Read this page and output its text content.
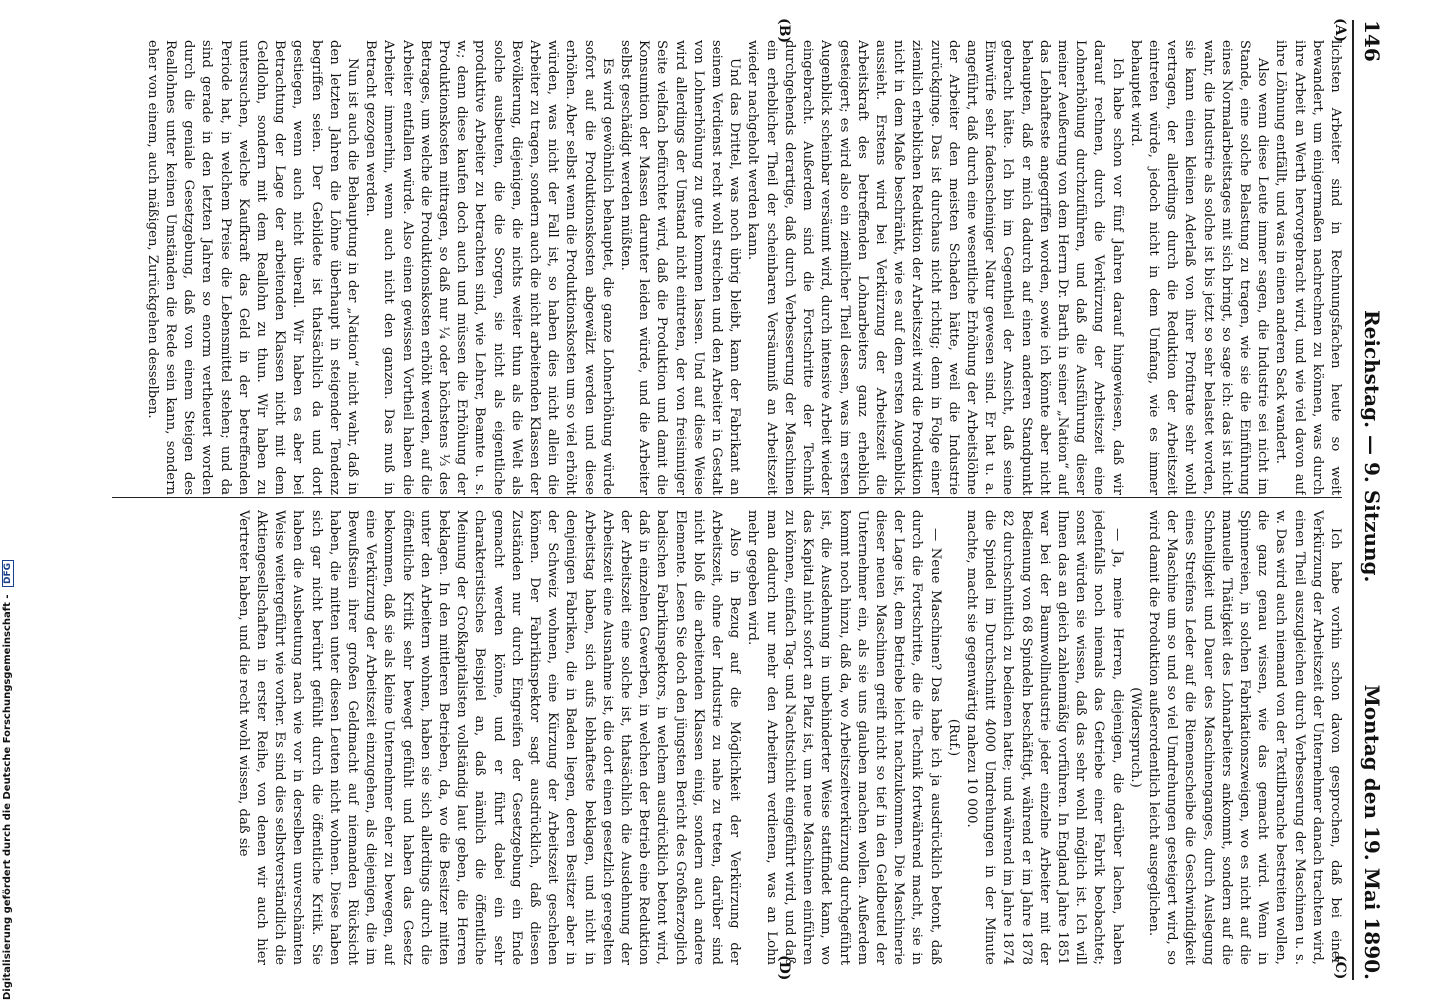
Digitalisierung gefördert durch die Deutsche Forschungsgemeinschaft - DFG
146
Reichstag. — 9. Sitzung.
Montag den 19. Mai 1890.
(A)
(B)
(C)
(D)

lichsten Arbeiter sind in Rechnungsfachen heute so weit bewandert, um einigermaßen nachrechnen zu können, was durch ihre Arbeit an Werth hervorgebracht wird, und wie viel davon auf ihre Löhnung entfällt, und was in einen anderen Sack wandert.

Also wenn diese Leute immer sagen, die Industrie sei nicht im Stande, eine solche Belastung zu tragen, wie sie die Einführung eines Normalarbeitstages mit sich bringt, so sage ich: das ist nicht wahr, die Industrie als solche ist bis jetzt so sehr belastet worden, sie kann einen kleinen Aderlaß von ihrer Profitrate sehr wohl vertragen, der allerdings durch die Reduktion der Arbeitszeit eintreten würde, jedoch nicht in dem Umfang, wie es immer behauptet wird.

Ich habe schon vor fünf Jahren darauf hingewiesen, daß wir darauf rechnen, durch die Verkürzung der Arbeitszeit eine Lohnerhöhung durchzuführen, und daß die Ausführung dieser meiner Aeußerung von dem Herrn Dr. Barth in seiner „Nation“ auf das Lebhafteste angegriffen worden, sowie ich könnte aber nicht behaupten, daß er mich dadurch auf einen anderen Standpunkt gebracht hätte. Ich bin im Gegentheil der Ansicht, daß seine Einwürfe sehr fadenscheiniger Natur gewesen sind. Er hat u. a. angeführt, daß durch eine wesentliche Erhöhung der Arbeitslöhne der Arbeiter den meisten Schaden hätte, weil die Industrie zurückginge. Das ist durchaus nicht richtig; denn in Folge einer ziemlich erheblichen Reduktion der Arbeitszeit wird die Produktion nicht in dem Maße beschränkt, wie es auf dem ersten Augenblick aussieht. Erstens wird bei Verkürzung der Arbeitszeit die Arbeitskraft des betreffenden Lohnarbeiters ganz erheblich gesteigert; es wird also ein ziemlicher Theil dessen, was im ersten Augenblick scheinbar versäumt wird, durch intensive Arbeit wieder eingebracht. Außerdem sind die Fortschritte der Technik durchgehends derartige, daß durch Verbesserung der Maschinen ein erheblicher Theil der scheinbaren Versäumniß an Arbeitszeit wieder nachgeholt werden kann.

Und das Drittel, was noch übrig bleibt, kann der Fabrikant an seinem Verdienst recht wohl streichen und den Arbeiter in Gestalt von Lohnerhöhung zu gute kommen lassen. Und auf diese Weise wird allerdings der Umstand nicht eintreten, der von freisinniger Seite vielfach befürchtet wird, daß die Produktion und damit die Konsumtion der Massen darunter leiden würde, und die Arbeiter selbst geschädigt werden müßten.

Es wird gewöhnlich behauptet, die ganze Lohnerhöhung würde sofort auf die Produktionskosten abgewälzt werden und diese erhöhen. Aber selbst wenn die Produktionskosten um so viel erhöht würden, was nicht der Fall ist, so haben dies nicht allein die Arbeiter zu tragen, sondern auch die nicht arbeitenden Klassen der Bevölkerung, diejenigen, die nichts weiter thun als die Welt als solche ausbeuten, die die Sorgen, sie nicht als eigentliche produktive Arbeiter zu betrachten sind, wie Lehrer, Beamte u. s. w.; denn diese kaufen doch auch und müssen die Erhöhung der Produktionskosten mittragen, so daß nur ¼ oder höchstens ⅓ des Betrages, um welche die Produktionskosten erhöht werden, auf die Arbeiter entfallen würde. Also einen gewissen Vortheil haben die Arbeiter immerhin, wenn auch nicht den ganzen. Das muß in Betracht gezogen werden.

Nun ist auch die Behauptung in der „Nation“ nicht wahr, daß in den letzten Jahren die Löhne überhaupt in steigender Tendenz begriffen seien. Der Gebildete ist thatsächlich da und dort gestiegen, wenn auch nicht überall. Wir haben es aber bei Betrachtung der Lage der arbeitenden Klassen nicht mit dem Geldlohn, sondern mit dem Reallohn zu thun. Wir haben zu untersuchen, welche Kaufkraft das Geld in der betreffenden Periode hat, in welchem Preise die Lebensmittel stehen; und da sind gerade in den letzten Jahren so enorm vertheuert worden durch die geniale Gesetzgebung, daß von einem Steigen des Reallohnes unter keinen Umständen die Rede sein kann, sondern eher von einem, auch mäßigen, Zurückgehen desselben.

Ich habe vorhin schon davon gesprochen, daß bei einer Verkürzung der Arbeitszeit der Unternehmer danach trachten wird, einen Theil auszugleichen durch Verbesserung der Maschinen u. s. w. Das wird auch niemand von der Textilbranche bestreiten wollen, die ganz genau wissen, wie das gemacht wird. Wenn in Spinnereien, in solchen Fabrikationszweigen, wo es nicht auf die manuelle Thätigkeit des Lohnarbeiters ankommt, sondern auf die Schnelligkeit und Dauer des Maschinenganges, durch Auslegung eines Streifens Leder auf die Riemenscheibe die Geschwindigkeit der Maschine um so und so viel Umdrehungen gesteigert wird, so wird damit die Produktion außerordentlich leicht ausgeglichen.

(Widerspruch.)

— Ja, meine Herren, diejenigen, die darüber lachen, haben jedenfalls noch niemals das Getriebe einer Fabrik beobachtet; sonst würden sie wissen, daß das sehr wohl möglich ist. Ich will Ihnen das an gleich zahlenmäßig vorführen. In England Jahre 1851 war bei der Baumwollindustrie jeder einzelne Arbeiter mit der Bedienung von 68 Spindeln beschäftigt, während er im Jahre 1878 82 durchschnittlich zu bedienen hatte; und während im Jahre 1874 die Spindel im Durchschnitt 4000 Umdrehungen in der Minute machte, macht sie gegenwärtig nahezu 10 000.

(Ruf.)

— Neue Maschinen? Das habe ich ja ausdrücklich betont, daß durch die Fortschritte, die die Technik fortwährend macht, sie in der Lage ist, dem Betriebe leicht nachzukommen. Die Maschinerie dieser neuen Maschinen greift nicht so tief in den Geldbeutel der Unternehmer ein, als sie uns glauben machen wollen. Außerdem kommt noch hinzu, daß da, wo Arbeitszeitverkürzung durchgeführt ist, die Ausdehnung in unbehinderter Weise stattfindet kann, wo das Kapital nicht sofort an Platz ist, um neue Maschinen einführen zu können, einfach Tag- und Nachtschicht eingeführt wird, und daß man dadurch nur mehr den Arbeitern verdienen, was an Lohn mehr gegeben wird.

Also in Bezug auf die Möglichkeit der Verkürzung der Arbeitszeit, ohne der Industrie zu nahe zu treten, darüber sind nicht bloß die arbeitenden Klassen einig, sondern auch andere Elemente. Lesen Sie doch den jüngsten Bericht des Großherzoglich badischen Fabrikinspektors, in welchem ausdrücklich betont wird, daß in einzelnen Gewerben, in welchen der Betrieb eine Reduktion der Arbeitszeit eine solche ist, thatsächlich die Ausdehnung der Arbeitszeit eine Ausnahme ist, die dort einen gesetzlich geregelten Arbeitstag haben, sich aufs lebhafteste beklagen, und nicht in denjenigen Fabriken, die in Baden liegen, deren Besitzer aber in der Schweiz wohnen, eine Kürzung der Arbeitszeit geschehen können. Der Fabrikinspektor sagt ausdrücklich, daß diesen Zuständen nur durch Eingreifen der Gesetzgebung ein Ende gemacht werden könne, und er führt dabei ein sehr charakteristisches Beispiel an, daß nämlich die öffentliche Meinung der Großkapitalisten vollständig laut geben, die Herren beklagen. In den mittleren Betrieben, da, wo die Besitzer mitten unter den Arbeitern wohnen, haben sie sich allerdings durch die öffentliche Kritik sehr bewegt gefühlt und haben das Gesetz bekommen, daß sie als kleine Unternehmer eher zu bewegen, auf eine Verkürzung der Arbeitszeit einzugehen, als diejenigen, die im Bewußtsein ihrer großen Geldmacht auf niemanden Rücksicht haben, die mitten unter diesen Leuten nicht wohnen. Diese haben sich gar nicht berührt gefühlt durch die öffentliche Kritik. Sie haben die Ausbeutung nach wie vor in derselben unverschämten Weise weitergeführt wie vorher. Es sind dies selbstverständlich die Aktiengesellschaften in erster Reihe, von denen wir auch hier Vertreter haben, und die recht wohl wissen, daß sie
